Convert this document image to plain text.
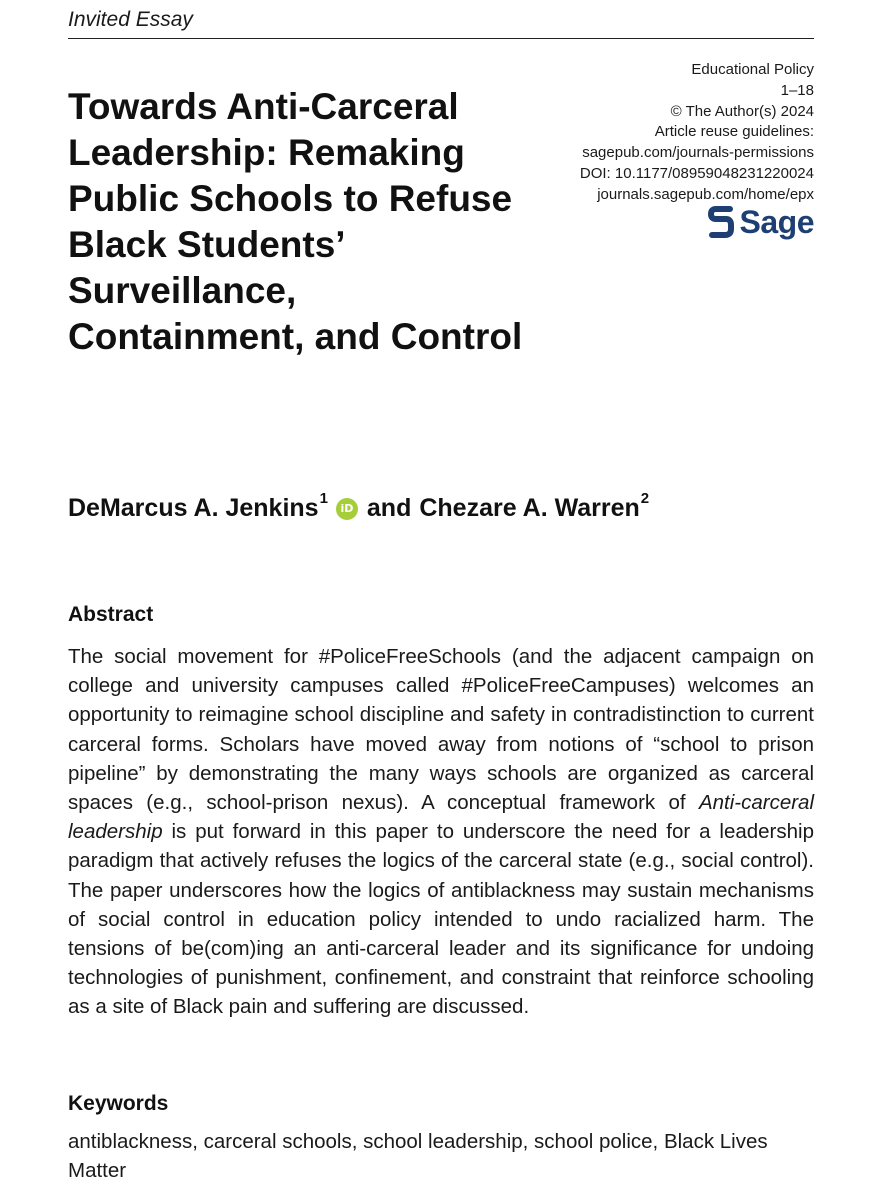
Invited Essay
Towards Anti-Carceral Leadership: Remaking Public Schools to Refuse Black Students’ Surveillance, Containment, and Control
Educational Policy
1–18
© The Author(s) 2024
Article reuse guidelines:
sagepub.com/journals-permissions
DOI: 10.1177/08959048231220024
journals.sagepub.com/home/epx
Sage
DeMarcus A. Jenkins$^1$
iD and Chezare A. Warren$^2$
Abstract

The social movement for #PoliceFreeSchools (and the adjacent campaign on college and university campuses called #PoliceFreeCampuses) welcomes an opportunity to reimagine school discipline and safety in contradistinction to current carceral forms. Scholars have moved away from notions of “school to prison pipeline” by demonstrating the many ways schools are organized as carceral spaces (e.g., school-prison nexus). A conceptual framework of Anti-carceral leadership is put forward in this paper to underscore the need for a leadership paradigm that actively refuses the logics of the carceral state (e.g., social control). The paper underscores how the logics of antiblackness may sustain mechanisms of social control in education policy intended to undo racialized harm. The tensions of be(com)ing an anti-carceral leader and its significance for undoing technologies of punishment, confinement, and constraint that reinforce schooling as a site of Black pain and suffering are discussed.

Keywords

antiblackness, carceral schools, school leadership, school police, Black Lives Matter
